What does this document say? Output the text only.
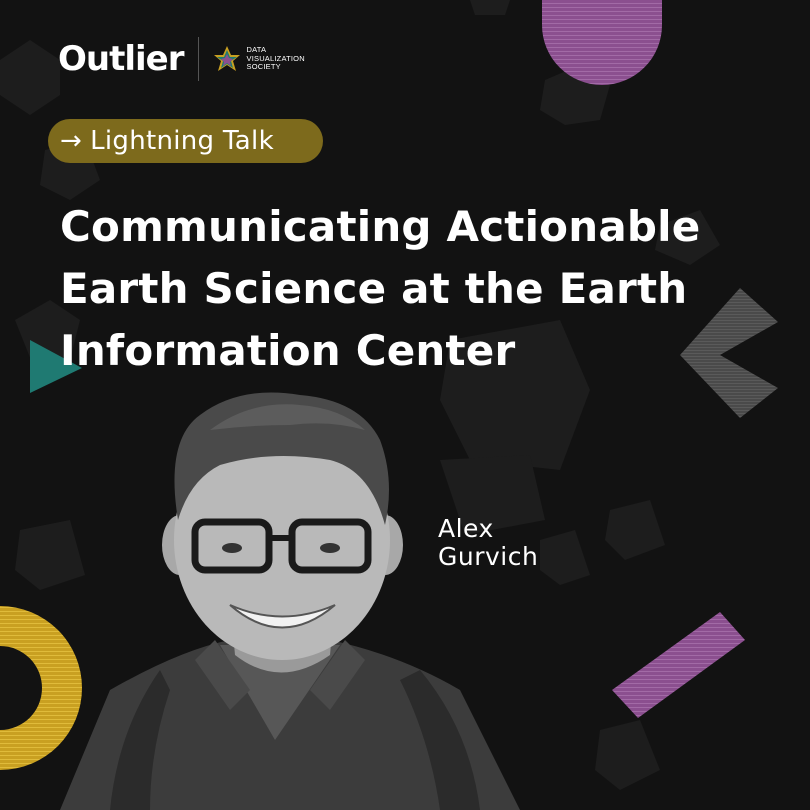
Outlier	DATA
VISUALIZATION
SOCIETY
→ Lightning Talk
Communicating Actionable
Earth Science at the Earth
Information Center
Alex
Gurvich
